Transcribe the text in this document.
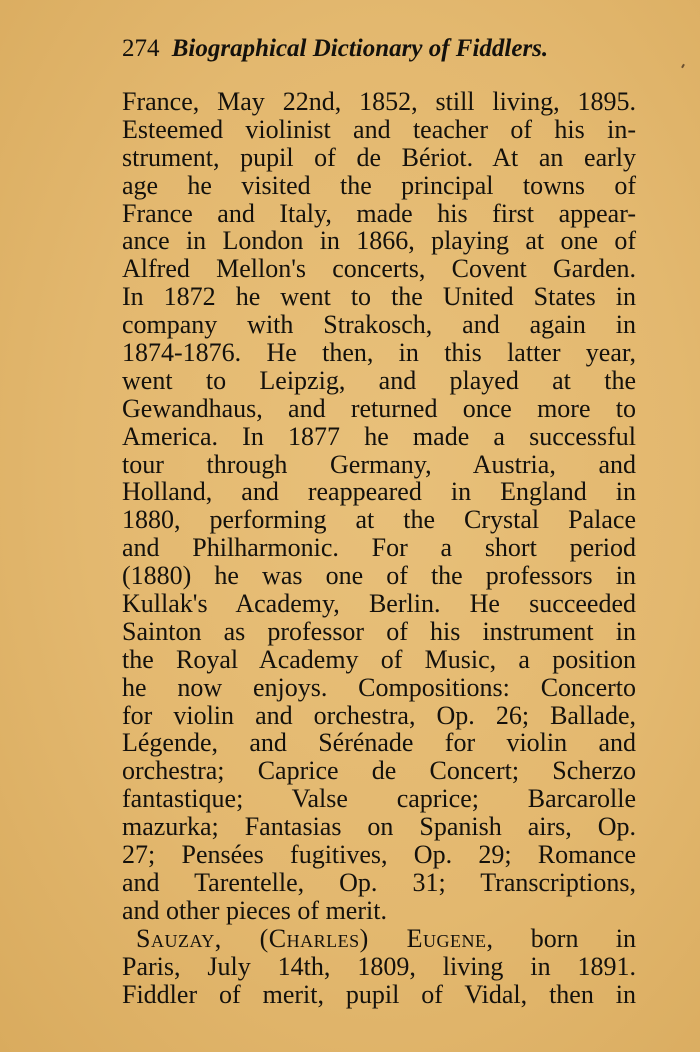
274 Biographical Dictionary of Fiddlers.
France, May 22nd, 1852, still living, 1895.
Esteemed violinist and teacher of his in-
strument, pupil of de Bériot. At an early
age he visited the principal towns of
France and Italy, made his first appear-
ance in London in 1866, playing at one of
Alfred Mellon's concerts, Covent Garden.
In 1872 he went to the United States in
company with Strakosch, and again in
1874-1876. He then, in this latter year,
went to Leipzig, and played at the
Gewandhaus, and returned once more to
America. In 1877 he made a successful
tour through Germany, Austria, and
Holland, and reappeared in England in
1880, performing at the Crystal Palace
and Philharmonic. For a short period
(1880) he was one of the professors in
Kullak's Academy, Berlin. He succeeded
Sainton as professor of his instrument in
the Royal Academy of Music, a position
he now enjoys. Compositions: Concerto
for violin and orchestra, Op. 26; Ballade,
Légende, and Sérénade for violin and
orchestra; Caprice de Concert; Scherzo
fantastique; Valse caprice; Barcarolle
mazurka; Fantasias on Spanish airs, Op.
27; Pensées fugitives, Op. 29; Romance
and Tarentelle, Op. 31; Transcriptions,
and other pieces of merit.
Sauzay, (Charles) Eugene, born in
Paris, July 14th, 1809, living in 1891.
Fiddler of merit, pupil of Vidal, then in
